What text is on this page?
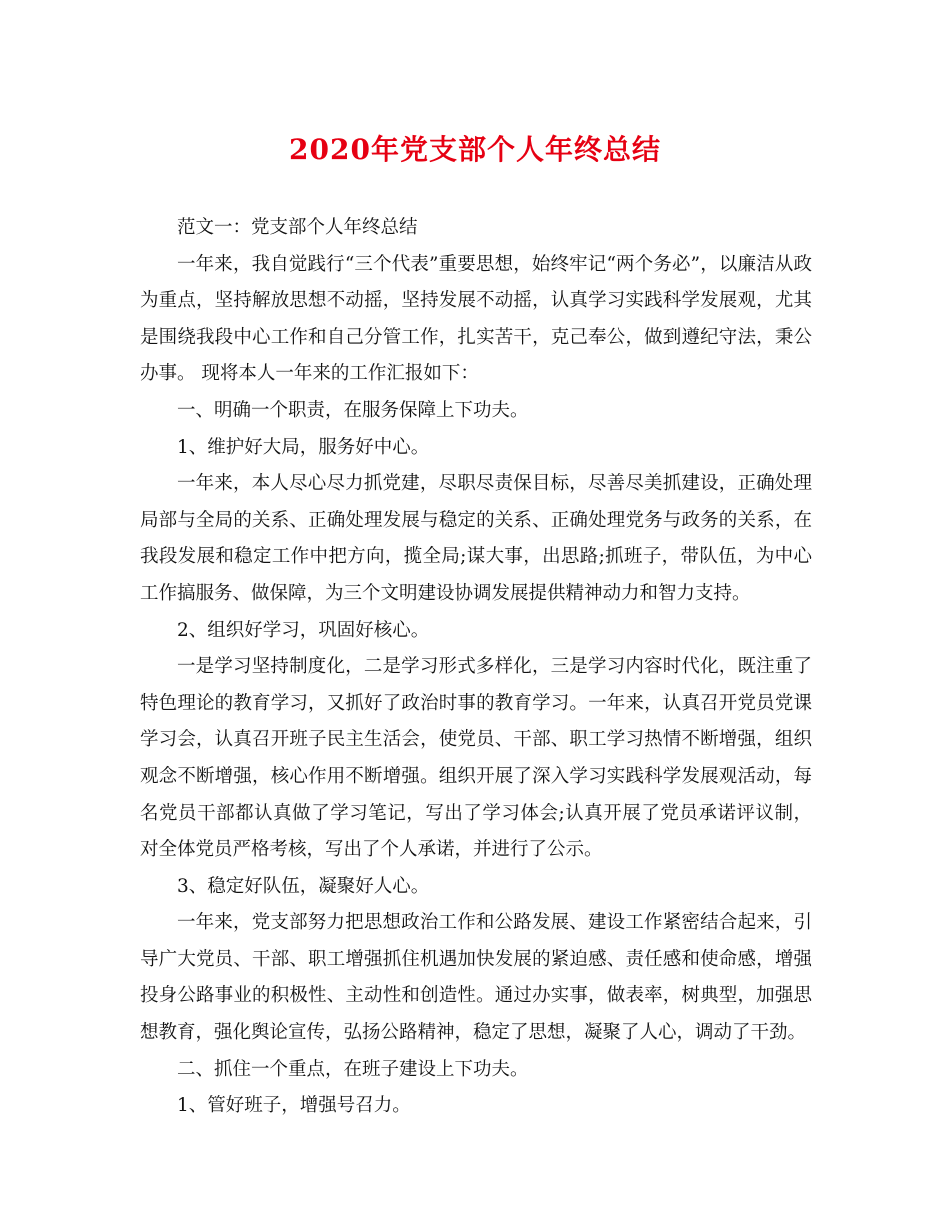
2020年党支部个人年终总结

范文一：党支部个人年终总结

一年来，我自觉践行“三个代表”重要思想，始终牢记“两个务必”，以廉洁从政为重点，坚持解放思想不动摇，坚持发展不动摇，认真学习实践科学发展观，尤其是围绕我段中心工作和自己分管工作，扎实苦干，克己奉公，做到遵纪守法，秉公办事。 现将本人一年来的工作汇报如下：

一、明确一个职责，在服务保障上下功夫。

1、维护好大局，服务好中心。

一年来，本人尽心尽力抓党建，尽职尽责保目标，尽善尽美抓建设，正确处理局部与全局的关系、正确处理发展与稳定的关系、正确处理党务与政务的关系，在我段发展和稳定工作中把方向，揽全局;谋大事，出思路;抓班子，带队伍，为中心工作搞服务、做保障，为三个文明建设协调发展提供精神动力和智力支持。

2、组织好学习，巩固好核心。

一是学习坚持制度化，二是学习形式多样化，三是学习内容时代化，既注重了特色理论的教育学习，又抓好了政治时事的教育学习。一年来，认真召开党员党课学习会，认真召开班子民主生活会，使党员、干部、职工学习热情不断增强，组织观念不断增强，核心作用不断增强。组织开展了深入学习实践科学发展观活动，每名党员干部都认真做了学习笔记，写出了学习体会;认真开展了党员承诺评议制，对全体党员严格考核，写出了个人承诺，并进行了公示。

3、稳定好队伍，凝聚好人心。

一年来，党支部努力把思想政治工作和公路发展、建设工作紧密结合起来，引导广大党员、干部、职工增强抓住机遇加快发展的紧迫感、责任感和使命感，增强投身公路事业的积极性、主动性和创造性。通过办实事，做表率，树典型，加强思想教育，强化舆论宣传，弘扬公路精神，稳定了思想，凝聚了人心，调动了干劲。

二、抓住一个重点，在班子建设上下功夫。

1、管好班子，增强号召力。
